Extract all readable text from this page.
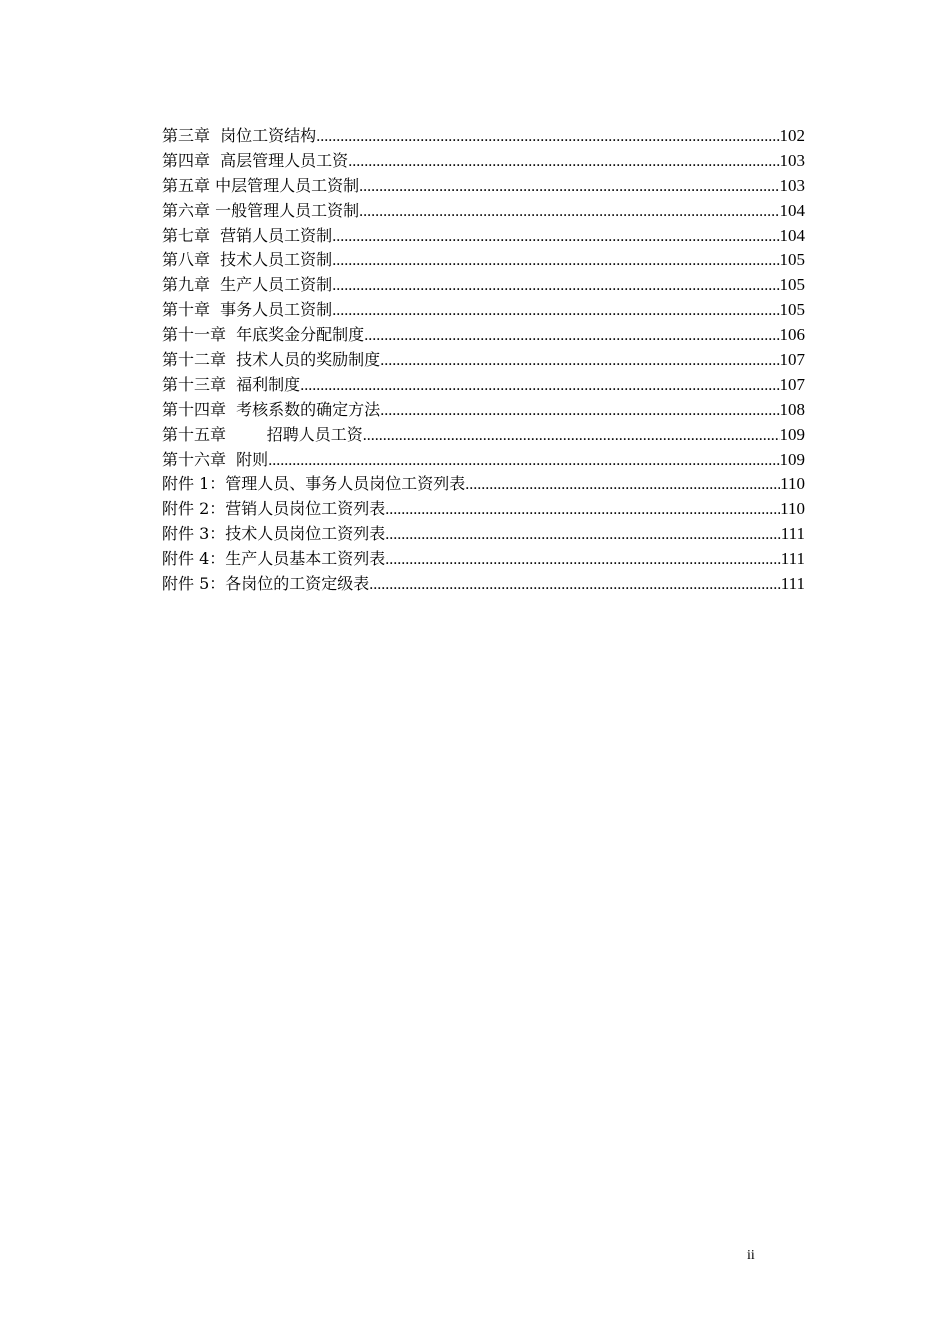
第三章  岗位工资结构 .....	102
第四章  高层管理人员工资 .....	103
第五章 中层管理人员工资制 .....	103
第六章 一般管理人员工资制 .....	104
第七章  营销人员工资制 .....	104
第八章  技术人员工资制 .....	105
第九章  生产人员工资制 .....	105
第十章  事务人员工资制 .....	105
第十一章  年底奖金分配制度 .....	106
第十二章  技术人员的奖励制度 .....	107
第十三章  福利制度 .....	107
第十四章  考核系数的确定方法 .....	108
第十五章        招聘人员工资 .....	109
第十六章  附则 .....	109
附件 1：管理人员、事务人员岗位工资列表 .....	110
附件 2：营销人员岗位工资列表 .....	110
附件 3：技术人员岗位工资列表 .....	111
附件 4：生产人员基本工资列表 .....	111
附件 5：各岗位的工资定级表 .....	111
ii
